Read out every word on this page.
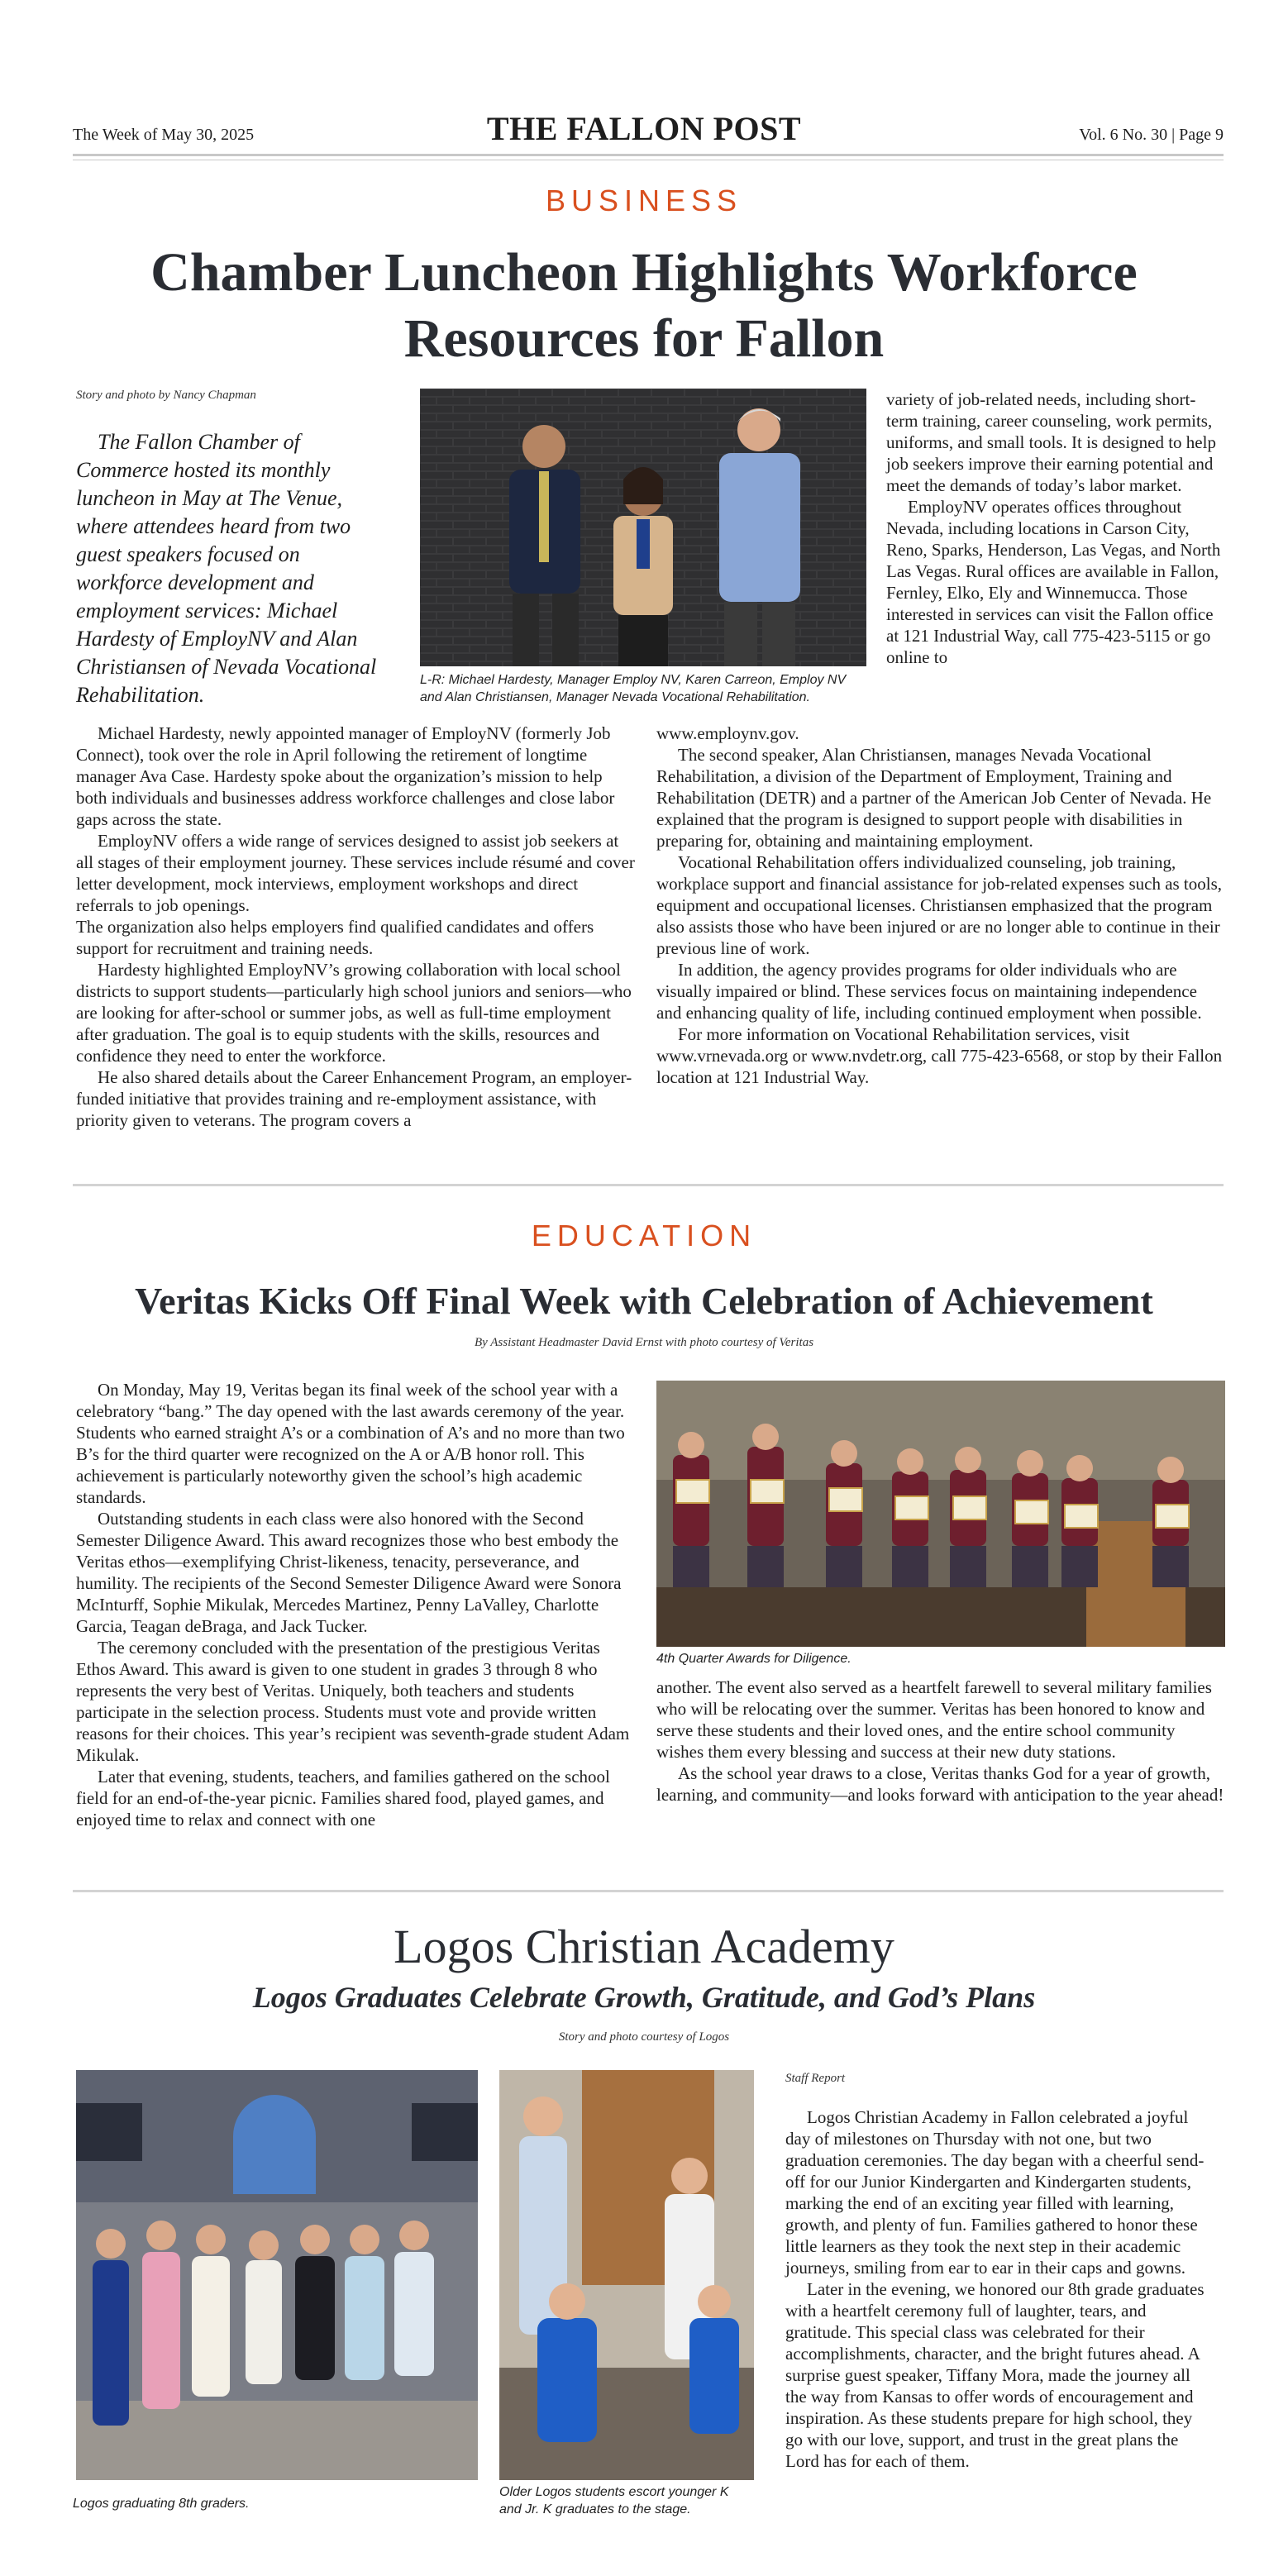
The Week of May 30, 2025	THE FALLON POST	Vol. 6 No. 30 | Page 9
BUSINESS
Chamber Luncheon Highlights Workforce
Resources for Fallon
Story and photo by Nancy Chapman

The Fallon Chamber of Commerce hosted its monthly luncheon in May at The Venue, where attendees heard from two guest speakers focused on workforce development and employment services: Michael Hardesty of EmployNV and Alan Christiansen of Nevada Vocational Rehabilitation.

L-R: Michael Hardesty, Manager Employ NV, Karen Carreon, Employ NV and Alan Christiansen, Manager Nevada Vocational Rehabilitation.

variety of job-related needs, including short-term training, career counseling, work permits, uniforms, and small tools. It is designed to help job seekers improve their earning potential and meet the demands of today’s labor market.

EmployNV operates offices throughout Nevada, including locations in Carson City, Reno, Sparks, Henderson, Las Vegas, and North Las Vegas. Rural offices are available in Fallon, Fernley, Elko, Ely and Winnemucca. Those interested in services can visit the Fallon office at 121 Industrial Way, call 775-423-5115 or go online to

Michael Hardesty, newly appointed manager of EmployNV (formerly Job Connect), took over the role in April following the retirement of longtime manager Ava Case. Hardesty spoke about the organization’s mission to help both individuals and businesses address workforce challenges and close labor gaps across the state.

EmployNV offers a wide range of services designed to assist job seekers at all stages of their employment journey. These services include résumé and cover letter development, mock interviews, employment workshops and direct referrals to job openings.

The organization also helps employers find qualified candidates and offers support for recruitment and training needs.

Hardesty highlighted EmployNV’s growing collaboration with local school districts to support students—particularly high school juniors and seniors—who are looking for after-school or summer jobs, as well as full-time employment after graduation. The goal is to equip students with the skills, resources and confidence they need to enter the workforce.

He also shared details about the Career Enhancement Program, an employer-funded initiative that provides training and re-employment assistance, with priority given to veterans. The program covers a

www.employnv.gov.

The second speaker, Alan Christiansen, manages Nevada Vocational Rehabilitation, a division of the Department of Employment, Training and Rehabilitation (DETR) and a partner of the American Job Center of Nevada. He explained that the program is designed to support people with disabilities in preparing for, obtaining and maintaining employment.

Vocational Rehabilitation offers individualized counseling, job training, workplace support and financial assistance for job-related expenses such as tools, equipment and occupational licenses. Christiansen emphasized that the program also assists those who have been injured or are no longer able to continue in their previous line of work.

In addition, the agency provides programs for older individuals who are visually impaired or blind. These services focus on maintaining independence and enhancing quality of life, including continued employment when possible.

For more information on Vocational Rehabilitation services, visit www.vrnevada.org or www.nvdetr.org, call 775-423-6568, or stop by their Fallon location at 121 Industrial Way.

EDUCATION
Veritas Kicks Off Final Week with Celebration of Achievement
By Assistant Headmaster David Ernst with photo courtesy of Veritas

On Monday, May 19, Veritas began its final week of the school year with a celebratory “bang.” The day opened with the last awards ceremony of the year. Students who earned straight A’s or a combination of A’s and no more than two B’s for the third quarter were recognized on the A or A/B honor roll. This achievement is particularly noteworthy given the school’s high academic standards.

Outstanding students in each class were also honored with the Second Semester Diligence Award. This award recognizes those who best embody the Veritas ethos—exemplifying Christ-likeness, tenacity, perseverance, and humility. The recipients of the Second Semester Diligence Award were Sonora McInturff, Sophie Mikulak, Mercedes Martinez, Penny LaValley, Charlotte Garcia, Teagan deBraga, and Jack Tucker.

The ceremony concluded with the presentation of the prestigious Veritas Ethos Award. This award is given to one student in grades 3 through 8 who represents the very best of Veritas. Uniquely, both teachers and students participate in the selection process. Students must vote and provide written reasons for their choices. This year’s recipient was seventh-grade student Adam Mikulak.

Later that evening, students, teachers, and families gathered on the school field for an end-of-the-year picnic. Families shared food, played games, and enjoyed time to relax and connect with one

4th Quarter Awards for Diligence.

another. The event also served as a heartfelt farewell to several military families who will be relocating over the summer. Veritas has been honored to know and serve these students and their loved ones, and the entire school community wishes them every blessing and success at their new duty stations.

As the school year draws to a close, Veritas thanks God for a year of growth, learning, and community—and looks forward with anticipation to the year ahead!

Logos Christian Academy
Logos Graduates Celebrate Growth, Gratitude, and God’s Plans
Story and photo courtesy of Logos
Logos graduating 8th graders.
Older Logos students escort younger K and Jr. K graduates to the stage.
Staff Report

Logos Christian Academy in Fallon celebrated a joyful day of milestones on Thursday with not one, but two graduation ceremonies. The day began with a cheerful send-off for our Junior Kindergarten and Kindergarten students, marking the end of an exciting year filled with learning, growth, and plenty of fun. Families gathered to honor these little learners as they took the next step in their academic journeys, smiling from ear to ear in their caps and gowns.

Later in the evening, we honored our 8th grade graduates with a heartfelt ceremony full of laughter, tears, and gratitude. This special class was celebrated for their accomplishments, character, and the bright futures ahead. A surprise guest speaker, Tiffany Mora, made the journey all the way from Kansas to offer words of encouragement and inspiration. As these students prepare for high school, they go with our love, support, and trust in the great plans the Lord has for each of them.
